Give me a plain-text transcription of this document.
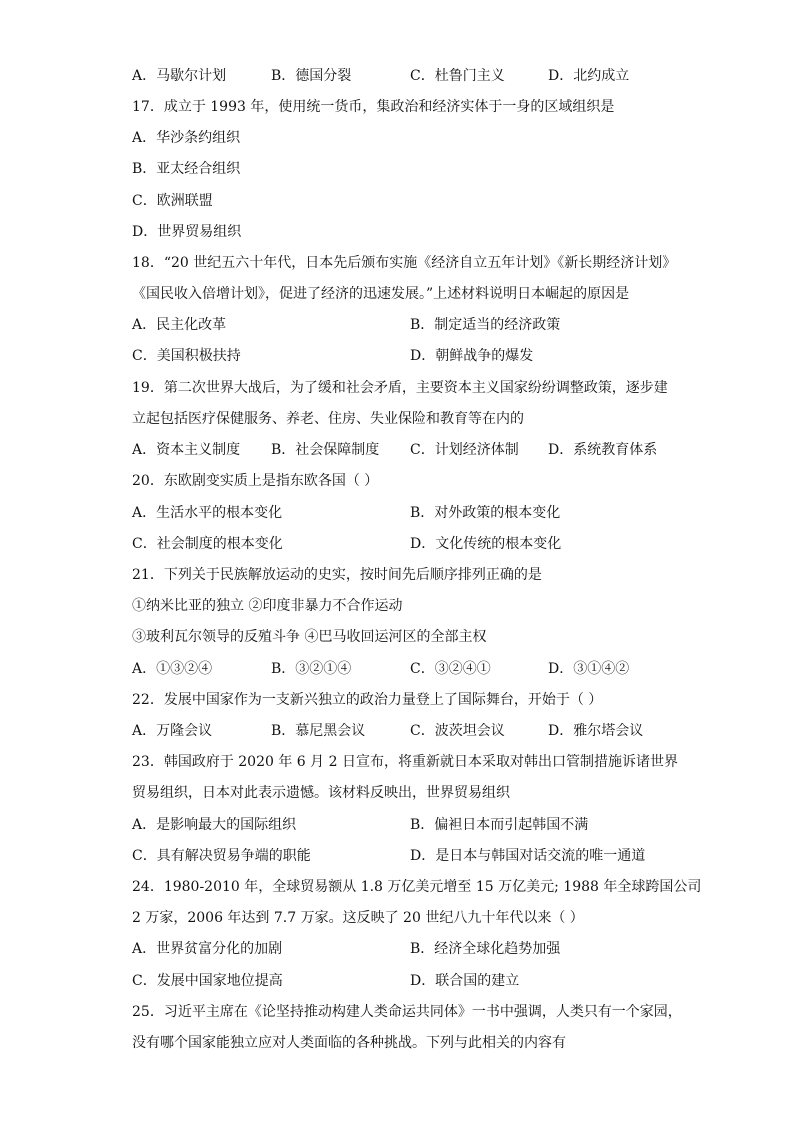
A．马歇尔计划	B．德国分裂	C．杜鲁门主义	D．北约成立
17．成立于 1993 年，使用统一货币，集政治和经济实体于一身的区域组织是
A．华沙条约组织
B．亚太经合组织
C．欧洲联盟
D．世界贸易组织
18．“20 世纪五六十年代，日本先后颁布实施《经济自立五年计划》《新长期经济计划》
《国民收入倍增计划》，促进了经济的迅速发展。”上述材料说明日本崛起的原因是
A．民主化改革	B．制定适当的经济政策
C．美国积极扶持	D．朝鲜战争的爆发
19．第二次世界大战后，为了缓和社会矛盾，主要资本主义国家纷纷调整政策，逐步建
立起包括医疗保健服务、养老、住房、失业保险和教育等在内的
A．资本主义制度 B．社会保障制度 C．计划经济体制 D．系统教育体系
20．东欧剧变实质上是指东欧各国（ ）
A．生活水平的根本变化	B．对外政策的根本变化
C．社会制度的根本变化	D．文化传统的根本变化
21．下列关于民族解放运动的史实，按时间先后顺序排列正确的是
①纳米比亚的独立 ②印度非暴力不合作运动
③玻利瓦尔领导的反殖斗争 ④巴马收回运河区的全部主权
A．①③②④	B．③②①④	C．③②④①	D．③①④②
22．发展中国家作为一支新兴独立的政治力量登上了国际舞台，开始于（ ）
A．万隆会议	B．慕尼黑会议	C．波茨坦会议	D．雅尔塔会议
23．韩国政府于 2020 年 6 月 2 日宣布，将重新就日本采取对韩出口管制措施诉诸世界
贸易组织，日本对此表示遗憾。该材料反映出，世界贸易组织
A．是影响最大的国际组织	B．偏袒日本而引起韩国不满
C．具有解决贸易争端的职能	D．是日本与韩国对话交流的唯一通道
24．1980-2010 年，全球贸易额从 1.8 万亿美元增至 15 万亿美元; 1988 年全球跨国公司
2 万家，2006 年达到 7.7 万家。这反映了 20 世纪八九十年代以来（ ）
A．世界贫富分化的加剧	B．经济全球化趋势加强
C．发展中国家地位提高	D．联合国的建立
25．习近平主席在《论坚持推动构建人类命运共同体》一书中强调，人类只有一个家园，
没有哪个国家能独立应对人类面临的各种挑战。下列与此相关的内容有
